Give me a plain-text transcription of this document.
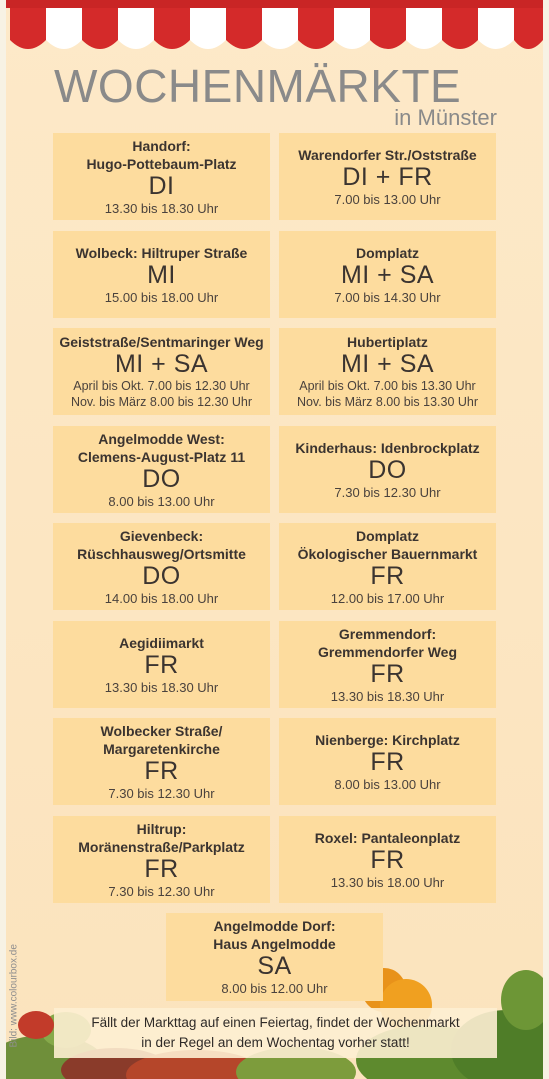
WOCHENMÄRKTE
in Münster
Handorf:
Hugo-Pottebaum-Platz
DI
13.30 bis 18.30 Uhr
Warendorfer Str./Oststraße
DI + FR
7.00 bis 13.00 Uhr
Wolbeck: Hiltruper Straße
MI
15.00 bis 18.00 Uhr
Domplatz
MI + SA
7.00 bis 14.30 Uhr
Geiststraße/Sentmaringer Weg
MI + SA
April bis Okt. 7.00 bis 12.30 Uhr
Nov. bis März 8.00 bis 12.30 Uhr
Hubertiplatz
MI + SA
April bis Okt. 7.00 bis 13.30 Uhr
Nov. bis März 8.00 bis 13.30 Uhr
Angelmodde West:
Clemens-August-Platz 11
DO
8.00 bis 13.00 Uhr
Kinderhaus: Idenbrockplatz
DO
7.30 bis 12.30 Uhr
Gievenbeck:
Rüschhausweg/Ortsmitte
DO
14.00 bis 18.00 Uhr
Domplatz
Ökologischer Bauernmarkt
FR
12.00 bis 17.00 Uhr
Aegidiimarkt
FR
13.30 bis 18.30 Uhr
Gremmendorf:
Gremmendorfer Weg
FR
13.30 bis 18.30 Uhr
Wolbecker Straße/
Margaretenkirche
FR
7.30 bis 12.30 Uhr
Nienberge: Kirchplatz
FR
8.00 bis 13.00 Uhr
Hiltrup:
Moränenstraße/Parkplatz
FR
7.30 bis 12.30 Uhr
Roxel: Pantaleonplatz
FR
13.30 bis 18.00 Uhr
Angelmodde Dorf:
Haus Angelmodde
SA
8.00 bis 12.00 Uhr
Fällt der Markttag auf einen Feiertag, findet der Wochenmarkt
in der Regel an dem Wochentag vorher statt!
Bild: www.colourbox.de
